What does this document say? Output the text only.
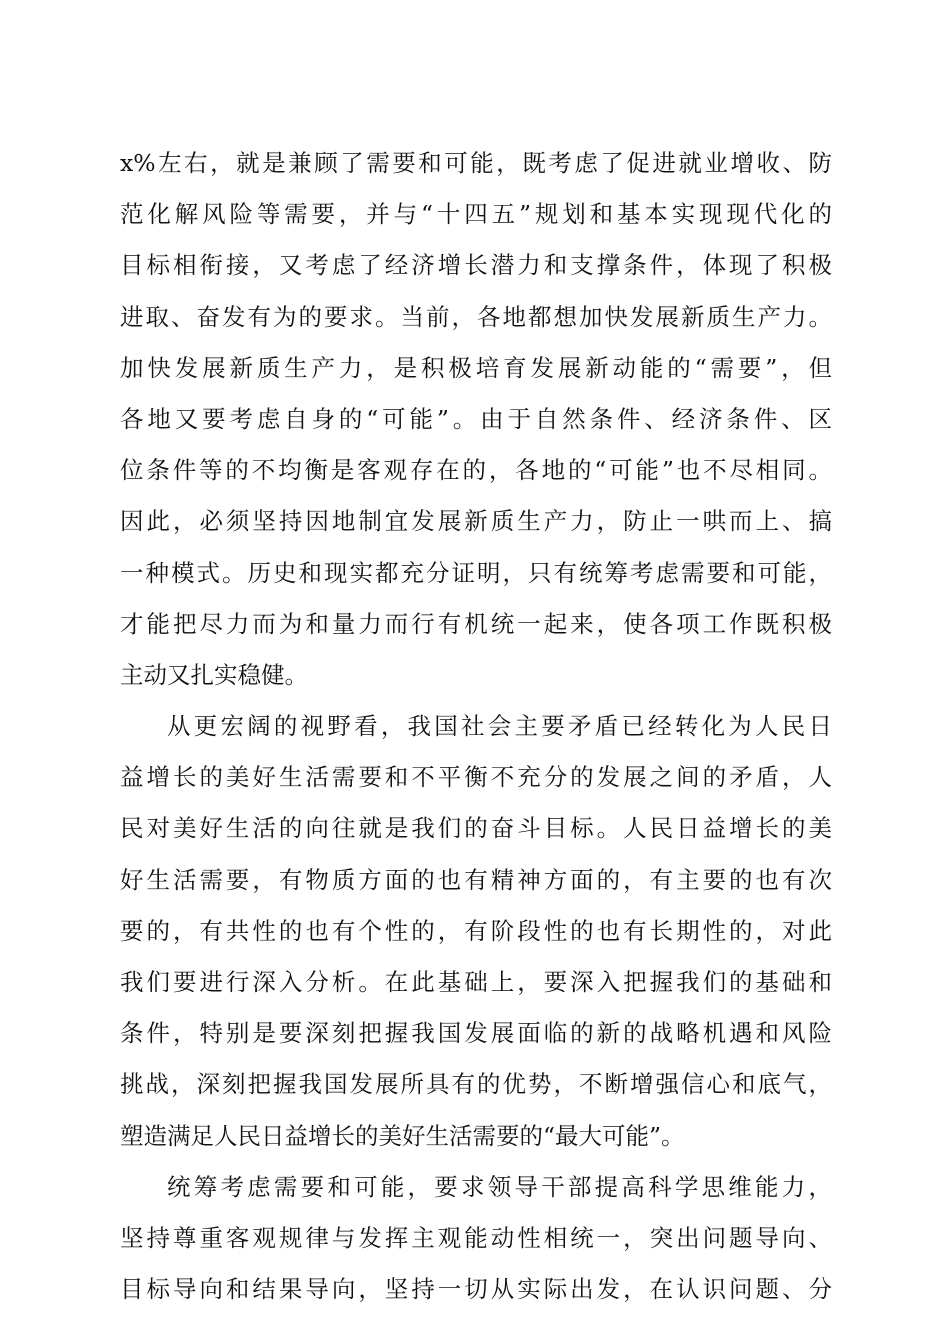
x%左右，就是兼顾了需要和可能，既考虑了促进就业增收、防
范化解风险等需要，并与“十四五”规划和基本实现现代化的
目标相衔接，又考虑了经济增长潜力和支撑条件，体现了积极
进取、奋发有为的要求。当前，各地都想加快发展新质生产力。
加快发展新质生产力，是积极培育发展新动能的“需要”，但
各地又要考虑自身的“可能”。由于自然条件、经济条件、区
位条件等的不均衡是客观存在的，各地的“可能”也不尽相同。
因此，必须坚持因地制宜发展新质生产力，防止一哄而上、搞
一种模式。历史和现实都充分证明，只有统筹考虑需要和可能，
才能把尽力而为和量力而行有机统一起来，使各项工作既积极
主动又扎实稳健。
从更宏阔的视野看，我国社会主要矛盾已经转化为人民日
益增长的美好生活需要和不平衡不充分的发展之间的矛盾，人
民对美好生活的向往就是我们的奋斗目标。人民日益增长的美
好生活需要，有物质方面的也有精神方面的，有主要的也有次
要的，有共性的也有个性的，有阶段性的也有长期性的，对此
我们要进行深入分析。在此基础上，要深入把握我们的基础和
条件，特别是要深刻把握我国发展面临的新的战略机遇和风险
挑战，深刻把握我国发展所具有的优势，不断增强信心和底气，
塑造满足人民日益增长的美好生活需要的“最大可能”。
统筹考虑需要和可能，要求领导干部提高科学思维能力，
坚持尊重客观规律与发挥主观能动性相统一，突出问题导向、
目标导向和结果导向，坚持一切从实际出发，在认识问题、分
